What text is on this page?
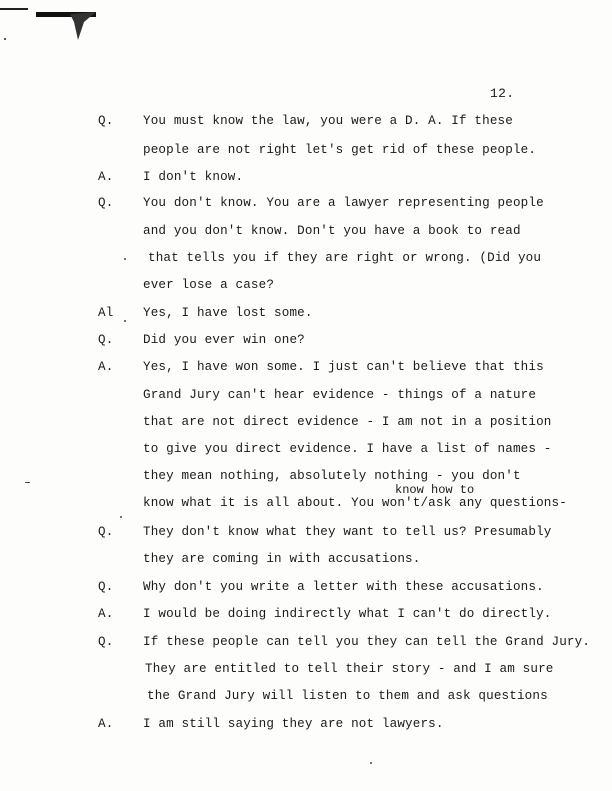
12.
Q. You must know the law, you were a D. A. If these
people are not right let's get rid of these people.
A. I don't know.
Q. You don't know. You are a lawyer representing people
and you don't know. Don't you have a book to read
that tells you if they are right or wrong. (Did you
ever lose a case?
Al Yes, I have lost some.
Q. Did you ever win one?
A. Yes, I have won some. I just can't believe that this
Grand Jury can't hear evidence - things of a nature
that are not direct evidence - I am not in a position
to give you direct evidence. I have a list of names -
they mean nothing, absolutely nothing - you don't
know how to
know what it is all about. You won't/ask any questions-
Q. They don't know what they want to tell us? Presumably
they are coming in with accusations.
Q. Why don't you write a letter with these accusations.
A. I would be doing indirectly what I can't do directly.
Q. If these people can tell you they can tell the Grand Jury.
They are entitled to tell their story - and I am sure
the Grand Jury will listen to them and ask questions
A. I am still saying they are not lawyers.
